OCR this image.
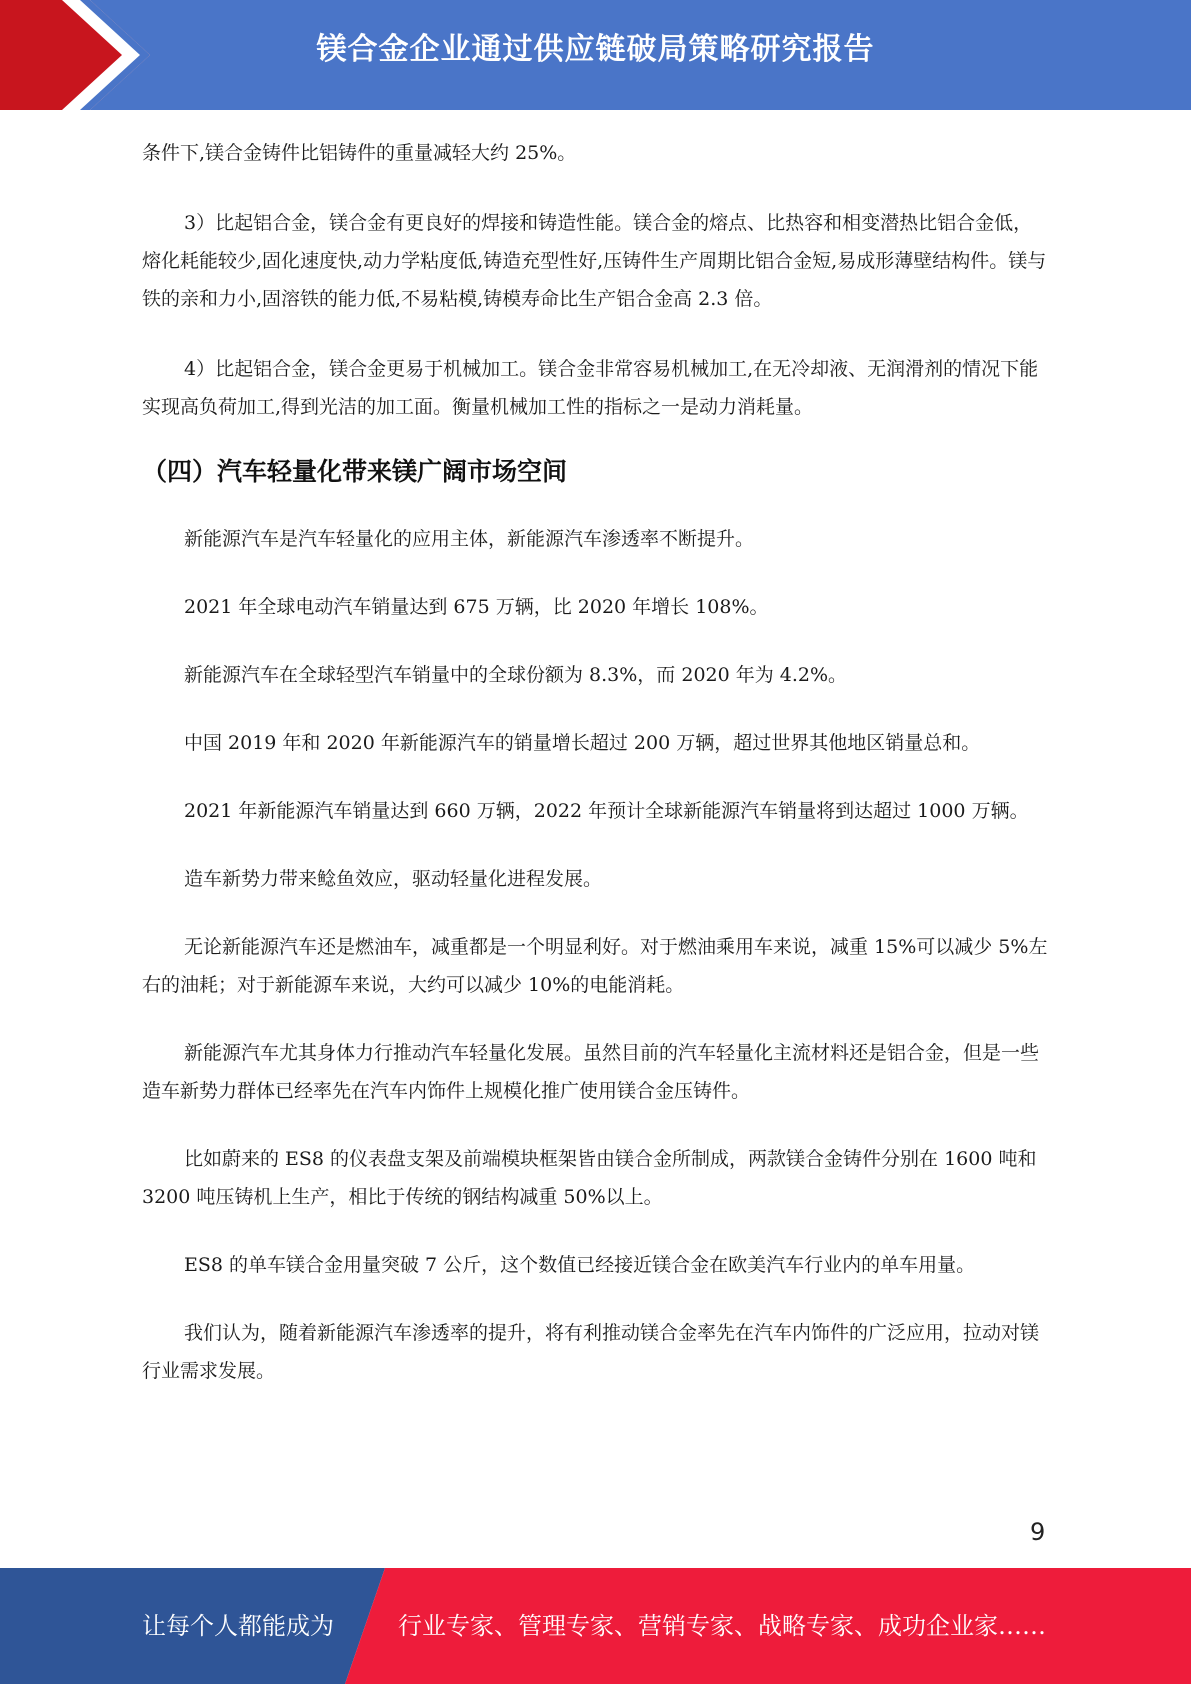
镁合金企业通过供应链破局策略研究报告

条件下,镁合金铸件比铝铸件的重量减轻大约 25%。

3）比起铝合金，镁合金有更良好的焊接和铸造性能。镁合金的熔点、比热容和相变潜热比铝合金低，熔化耗能较少,固化速度快,动力学粘度低,铸造充型性好,压铸件生产周期比铝合金短,易成形薄壁结构件。镁与铁的亲和力小,固溶铁的能力低,不易粘模,铸模寿命比生产铝合金高 2.3 倍。

4）比起铝合金，镁合金更易于机械加工。镁合金非常容易机械加工,在无冷却液、无润滑剂的情况下能实现高负荷加工,得到光洁的加工面。衡量机械加工性的指标之一是动力消耗量。

（四）汽车轻量化带来镁广阔市场空间

新能源汽车是汽车轻量化的应用主体，新能源汽车渗透率不断提升。

2021 年全球电动汽车销量达到 675 万辆，比 2020 年增长 108%。

新能源汽车在全球轻型汽车销量中的全球份额为 8.3%，而 2020 年为 4.2%。

中国 2019 年和 2020 年新能源汽车的销量增长超过 200 万辆，超过世界其他地区销量总和。

2021 年新能源汽车销量达到 660 万辆，2022 年预计全球新能源汽车销量将到达超过 1000 万辆。

造车新势力带来鲶鱼效应，驱动轻量化进程发展。

无论新能源汽车还是燃油车，减重都是一个明显利好。对于燃油乘用车来说，减重 15%可以减少 5%左右的油耗；对于新能源车来说，大约可以减少 10%的电能消耗。

新能源汽车尤其身体力行推动汽车轻量化发展。虽然目前的汽车轻量化主流材料还是铝合金，但是一些造车新势力群体已经率先在汽车内饰件上规模化推广使用镁合金压铸件。

比如蔚来的 ES8 的仪表盘支架及前端模块框架皆由镁合金所制成，两款镁合金铸件分别在 1600 吨和 3200 吨压铸机上生产，相比于传统的钢结构减重 50%以上。

ES8 的单车镁合金用量突破 7 公斤，这个数值已经接近镁合金在欧美汽车行业内的单车用量。

我们认为，随着新能源汽车渗透率的提升，将有利推动镁合金率先在汽车内饰件的广泛应用，拉动对镁行业需求发展。

9
让每个人都能成为	行业专家、管理专家、营销专家、战略专家、成功企业家……
